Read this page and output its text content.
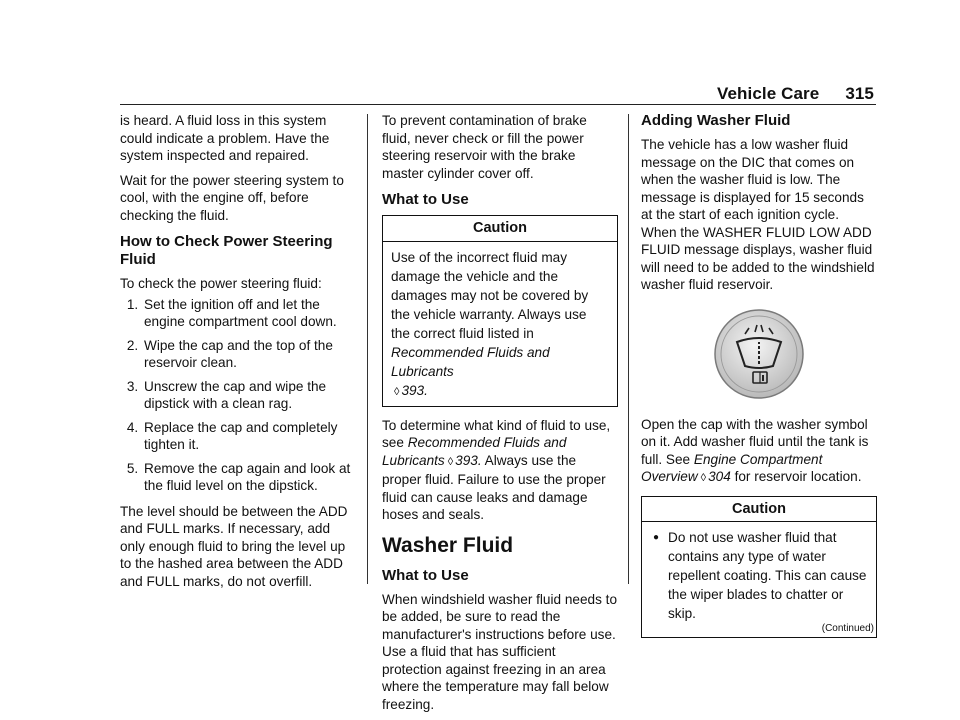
Vehicle Care 315

is heard. A fluid loss in this system could indicate a problem. Have the system inspected and repaired.

Wait for the power steering system to cool, with the engine off, before checking the fluid.

How to Check Power Steering Fluid

To check the power steering fluid:

1. Set the ignition off and let the engine compartment cool down.
2. Wipe the cap and the top of the reservoir clean.
3. Unscrew the cap and wipe the dipstick with a clean rag.
4. Replace the cap and completely tighten it.
5. Remove the cap again and look at the fluid level on the dipstick.

The level should be between the ADD and FULL marks. If necessary, add only enough fluid to bring the level up to the hashed area between the ADD and FULL marks, do not overfill.

To prevent contamination of brake fluid, never check or fill the power steering reservoir with the brake master cylinder cover off.

What to Use
Caution
Use of the incorrect fluid may damage the vehicle and the damages may not be covered by the vehicle warranty. Always use the correct fluid listed in Recommended Fluids and Lubricants
◊ 393.

To determine what kind of fluid to use, see Recommended Fluids and Lubricants ◊ 393. Always use the proper fluid. Failure to use the proper fluid can cause leaks and damage hoses and seals.

Washer Fluid
What to Use

When windshield washer fluid needs to be added, be sure to read the manufacturer's instructions before use. Use a fluid that has sufficient protection against freezing in an area where the temperature may fall below freezing.

Adding Washer Fluid

The vehicle has a low washer fluid message on the DIC that comes on when the washer fluid is low. The message is displayed for 15 seconds at the start of each ignition cycle. When the WASHER FLUID LOW ADD FLUID message displays, washer fluid will need to be added to the windshield washer fluid reservoir.

Open the cap with the washer symbol on it. Add washer fluid until the tank is full. See Engine Compartment Overview ◊ 304 for reservoir location.

Caution
● Do not use washer fluid that contains any type of water repellent coating. This can cause the wiper blades to chatter or skip.
(Continued)
